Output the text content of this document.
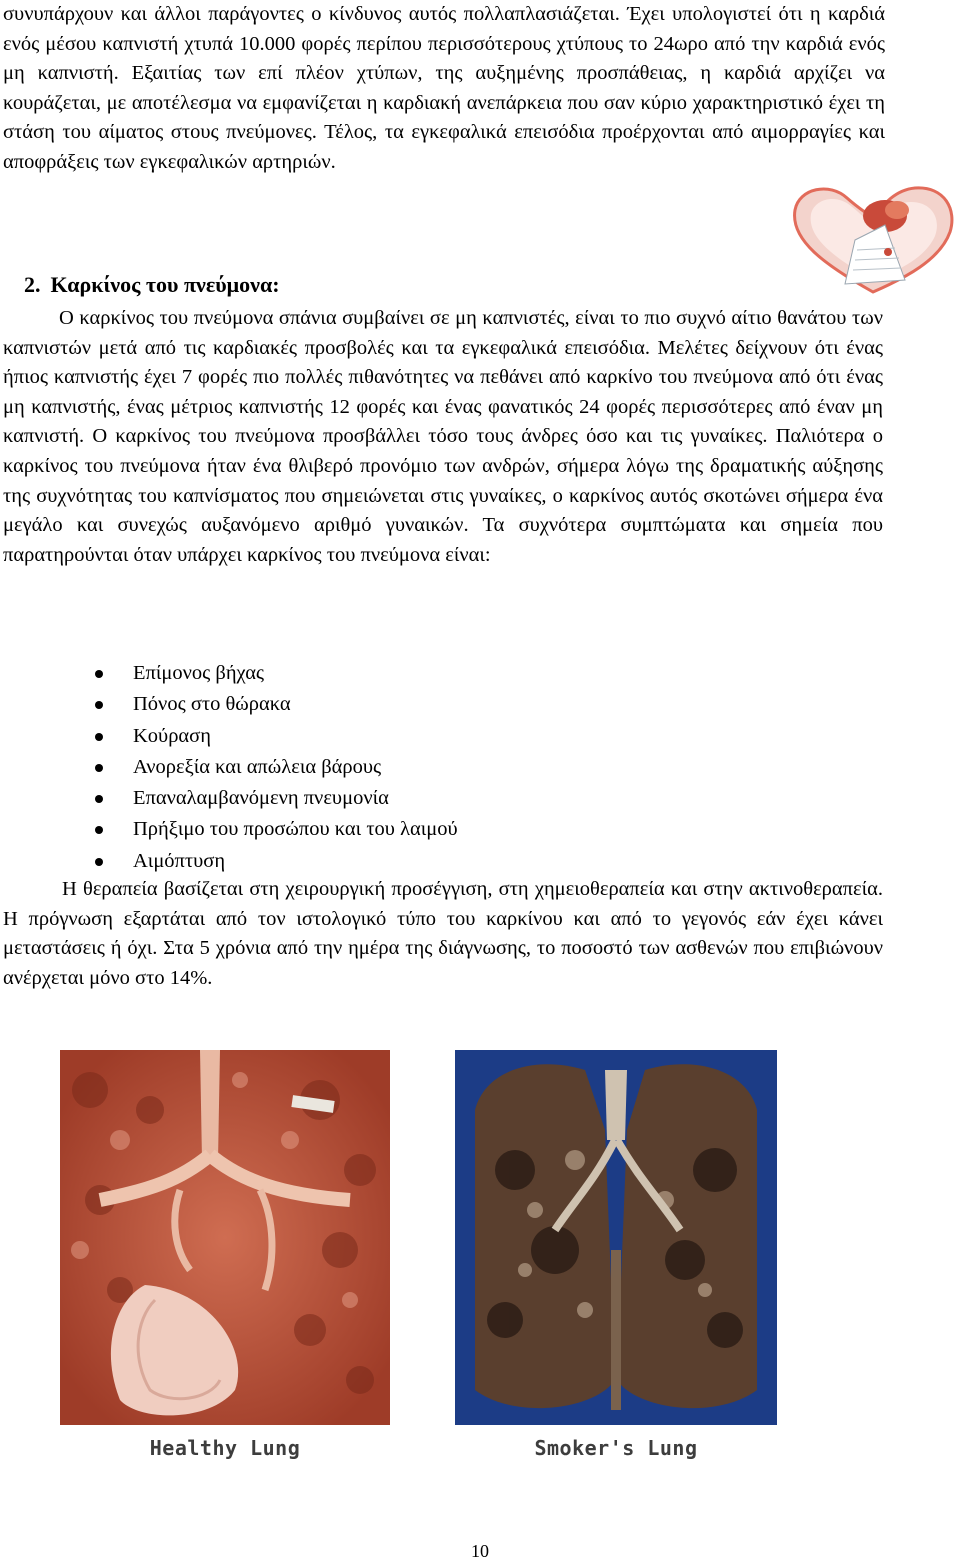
συνυπάρχουν και άλλοι παράγοντες ο κίνδυνος αυτός πολλαπλασιάζεται. Έχει υπολογιστεί ότι η καρδιά ενός μέσου καπνιστή χτυπά 10.000 φορές περίπου περισσότερους χτύπους το 24ωρο από την καρδιά ενός μη καπνιστή. Εξαιτίας των επί πλέον χτύπων, της αυξημένης προσπάθειας, η καρδιά αρχίζει να κουράζεται, με αποτέλεσμα να εμφανίζεται η καρδιακή ανεπάρκεια που σαν κύριο χαρακτηριστικό έχει τη στάση του αίματος στους πνεύμονες. Τέλος, τα εγκεφαλικά επεισόδια προέρχονται από αιμορραγίες και αποφράξεις των εγκεφαλικών αρτηριών.

2. Καρκίνος του πνεύμονα:

Ο καρκίνος του πνεύμονα σπάνια συμβαίνει σε μη καπνιστές, είναι το πιο συχνό αίτιο θανάτου των καπνιστών μετά από τις καρδιακές προσβολές και τα εγκεφαλικά επεισόδια. Μελέτες δείχνουν ότι ένας ήπιος καπνιστής έχει 7 φορές πιο πολλές πιθανότητες να πεθάνει από καρκίνο του πνεύμονα από ότι ένας μη καπνιστής, ένας μέτριος καπνιστής 12 φορές και ένας φανατικός 24 φορές περισσότερες από έναν μη καπνιστή. Ο καρκίνος του πνεύμονα προσβάλλει τόσο τους άνδρες όσο και τις γυναίκες. Παλιότερα ο καρκίνος του πνεύμονα ήταν ένα θλιβερό προνόμιο των ανδρών, σήμερα λόγω της δραματικής αύξησης της συχνότητας του καπνίσματος που σημειώνεται στις γυναίκες, ο καρκίνος αυτός σκοτώνει σήμερα ένα μεγάλο και συνεχώς αυξανόμενο αριθμό γυναικών. Τα συχνότερα συμπτώματα και σημεία που παρατηρούνται όταν υπάρχει καρκίνος του πνεύμονα είναι:

Επίμονος βήχας
Πόνος στο θώρακα
Κούραση
Ανορεξία και απώλεια βάρους
Επαναλαμβανόμενη πνευμονία
Πρήξιμο του προσώπου και του λαιμού
Αιμόπτυση

Η θεραπεία βασίζεται στη χειρουργική προσέγγιση, στη χημειοθεραπεία και στην ακτινοθεραπεία. Η πρόγνωση εξαρτάται από τον ιστολογικό τύπο του καρκίνου και από το γεγονός εάν έχει κάνει μεταστάσεις ή όχι. Στα 5 χρόνια από την ημέρα της διάγνωσης, το ποσοστό των ασθενών που επιβιώνουν ανέρχεται μόνο στο 14%.

Healthy Lung	Smoker's Lung
10
